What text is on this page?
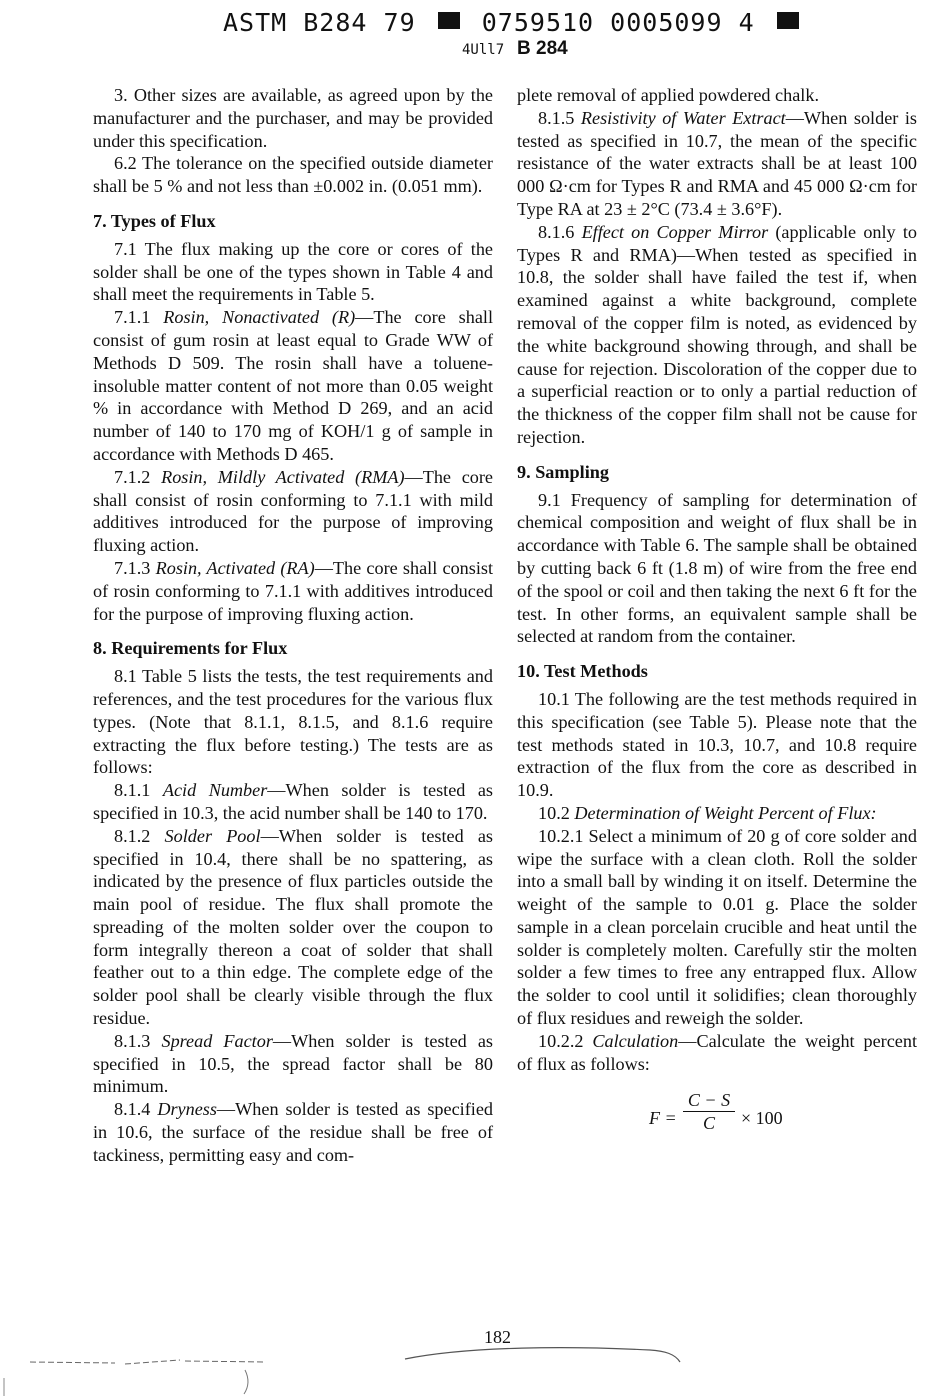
ASTM B284 79	0759510 0005099 4
4Ull7 B 284

3. Other sizes are available, as agreed upon by the manufacturer and the purchaser, and may be provided under this specification.

6.2 The tolerance on the specified outside diameter shall be 5 % and not less than ±0.002 in. (0.051 mm).

7. Types of Flux

7.1 The flux making up the core or cores of the solder shall be one of the types shown in Table 4 and shall meet the requirements in Table 5.

7.1.1 Rosin, Nonactivated (R)—The core shall consist of gum rosin at least equal to Grade WW of Methods D 509. The rosin shall have a toluene-insoluble matter content of not more than 0.05 weight % in accordance with Method D 269, and an acid number of 140 to 170 mg of KOH/1 g of sample in accordance with Methods D 465.

7.1.2 Rosin, Mildly Activated (RMA)—The core shall consist of rosin conforming to 7.1.1 with mild additives introduced for the purpose of improving fluxing action.

7.1.3 Rosin, Activated (RA)—The core shall consist of rosin conforming to 7.1.1 with additives introduced for the purpose of improving fluxing action.

8. Requirements for Flux

8.1 Table 5 lists the tests, the test requirements and references, and the test procedures for the various flux types. (Note that 8.1.1, 8.1.5, and 8.1.6 require extracting the flux before testing.) The tests are as follows:

8.1.1 Acid Number—When solder is tested as specified in 10.3, the acid number shall be 140 to 170.

8.1.2 Solder Pool—When solder is tested as specified in 10.4, there shall be no spattering, as indicated by the presence of flux particles outside the main pool of residue. The flux shall promote the spreading of the molten solder over the coupon to form integrally thereon a coat of solder that shall feather out to a thin edge. The complete edge of the solder pool shall be clearly visible through the flux residue.

8.1.3 Spread Factor—When solder is tested as specified in 10.5, the spread factor shall be 80 minimum.

8.1.4 Dryness—When solder is tested as specified in 10.6, the surface of the residue shall be free of tackiness, permitting easy and com-

plete removal of applied powdered chalk.

8.1.5 Resistivity of Water Extract—When solder is tested as specified in 10.7, the mean of the specific resistance of the water extracts shall be at least 100 000 Ω·cm for Types R and RMA and 45 000 Ω·cm for Type RA at 23 ± 2°C (73.4 ± 3.6°F).

8.1.6 Effect on Copper Mirror (applicable only to Types R and RMA)—When tested as specified in 10.8, the solder shall have failed the test if, when examined against a white background, complete removal of the copper film is noted, as evidenced by the white background showing through, and shall be cause for rejection. Discoloration of the copper due to a superficial reaction or to only a partial reduction of the thickness of the copper film shall not be cause for rejection.

9. Sampling

9.1 Frequency of sampling for determination of chemical composition and weight of flux shall be in accordance with Table 6. The sample shall be obtained by cutting back 6 ft (1.8 m) of wire from the free end of the spool or coil and then taking the next 6 ft for the test. In other forms, an equivalent sample shall be selected at random from the container.

10. Test Methods

10.1 The following are the test methods required in this specification (see Table 5). Please note that the test methods stated in 10.3, 10.7, and 10.8 require extraction of the flux from the core as described in 10.9.

10.2 Determination of Weight Percent of Flux:

10.2.1 Select a minimum of 20 g of core solder and wipe the surface with a clean cloth. Roll the solder into a small ball by winding it on itself. Determine the weight of the sample to 0.01 g. Place the solder sample in a clean porcelain crucible and heat until the solder is completely molten. Carefully stir the molten solder a few times to free any entrapped flux. Allow the solder to cool until it solidifies; clean thoroughly of flux residues and reweigh the solder.

10.2.2 Calculation—Calculate the weight percent of flux as follows:

$F = \frac{C - S}{C} \times 100$
182
